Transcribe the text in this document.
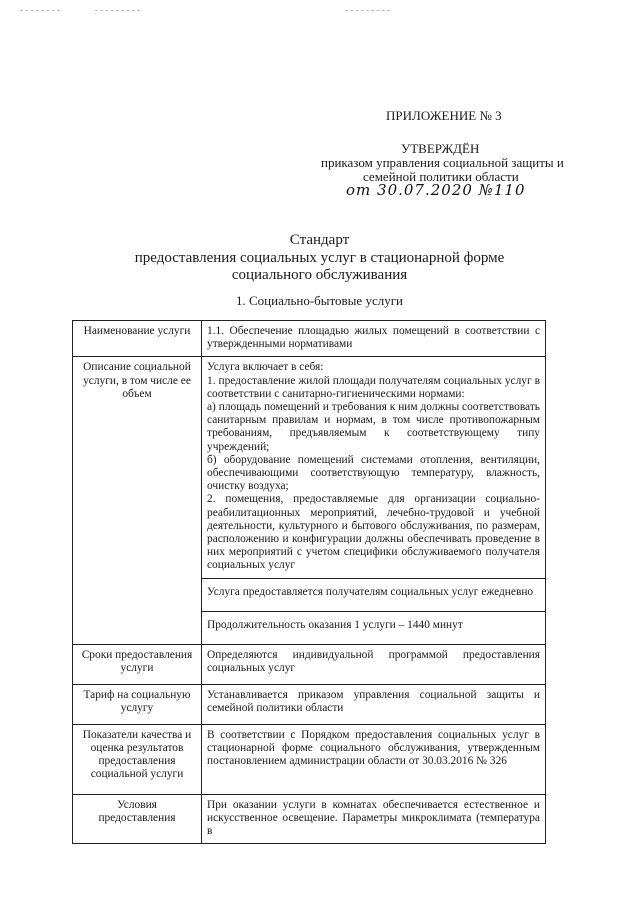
ПРИЛОЖЕНИЕ № 3
УТВЕРЖДЁН
приказом управления социальной защиты и
семейной политики области
от 30.07.2020 №110
Стандарт
предоставления социальных услуг в стационарной форме
социального обслуживания
1. Социально-бытовые услуги
Наименование услуги	1.1. Обеспечение площадью жилых помещений в соответствии с утвержденными нормативами
Описание социальной услуги, в том числе ее объем	Услуга включает в себя:
1. предоставление жилой площади получателям социальных услуг в соответствии с санитарно-гигиеническими нормами:
а) площадь помещений и требования к ним должны соответствовать санитарным правилам и нормам, в том числе противопожарным требованиям, предъявляемым к соответствующему типу учреждений;
б) оборудование помещений системами отопления, вентиляции, обеспечивающими соответствующую температуру, влажность, очистку воздуха;
2. помещения, предоставляемые для организации социально-реабилитационных мероприятий, лечебно-трудовой и учебной деятельности, культурного и бытового обслуживания, по размерам, расположению и конфигурации должны обеспечивать проведение в них мероприятий с учетом специфики обслуживаемого получателя социальных услуг

	Услуга предоставляется получателям социальных услуг ежедневно
	Продолжительность оказания 1 услуги – 1440 минут
Сроки предоставления услуги	Определяются индивидуальной программой предоставления социальных услуг
Тариф на социальную услугу	Устанавливается приказом управления социальной защиты и семейной политики области
Показатели качества и оценка результатов предоставления социальной услуги	В соответствии с Порядком предоставления социальных услуг в стационарной форме социального обслуживания, утвержденным постановлением администрации области от 30.03.2016 № 326
Условия предоставления	При оказании услуги в комнатах обеспечивается естественное и искусственное освещение. Параметры микроклимата (температура в
